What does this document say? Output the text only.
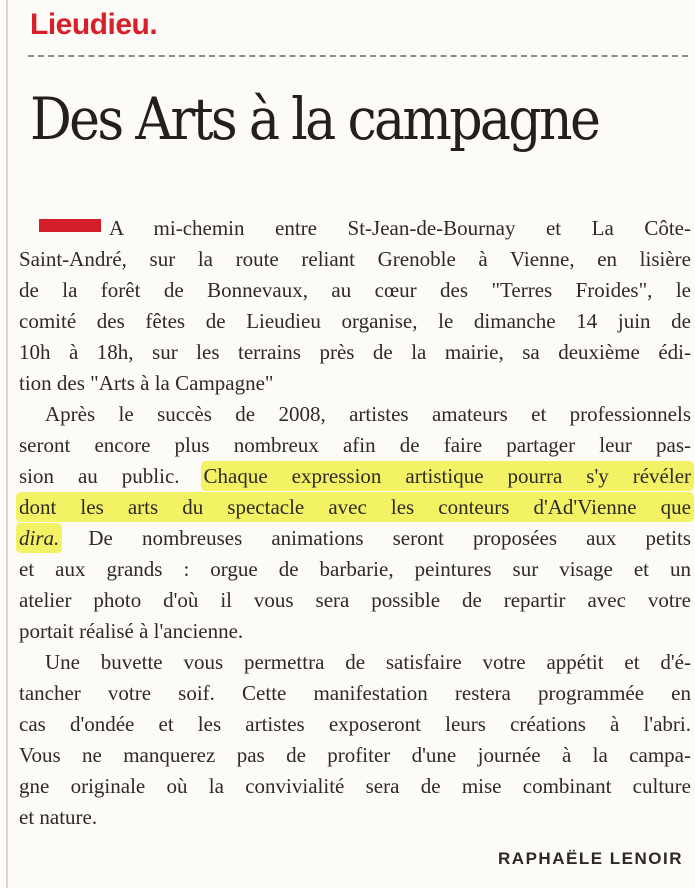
Lieudieu.
Des Arts à la campagne
A mi-chemin entre St-Jean-de-Bournay et La Côte-
Saint-André, sur la route reliant Grenoble à Vienne, en lisière
de la forêt de Bonnevaux, au cœur des "Terres Froides", le
comité des fêtes de Lieudieu organise, le dimanche 14 juin de
10h à 18h, sur les terrains près de la mairie, sa deuxième édi-
tion des "Arts à la Campagne"
Après le succès de 2008, artistes amateurs et professionnels
seront encore plus nombreux afin de faire partager leur pas-
sion au public. Chaque expression artistique pourra s'y révéler
dont les arts du spectacle avec les conteurs d'Ad'Vienne que
dira. De nombreuses animations seront proposées aux petits
et aux grands : orgue de barbarie, peintures sur visage et un
atelier photo d'où il vous sera possible de repartir avec votre
portait réalisé à l'ancienne.
Une buvette vous permettra de satisfaire votre appétit et d'é-
tancher votre soif. Cette manifestation restera programmée en
cas d'ondée et les artistes exposeront leurs créations à l'abri.
Vous ne manquerez pas de profiter d'une journée à la campa-
gne originale où la convivialité sera de mise combinant culture
et nature.
RAPHAËLE LENOIR
